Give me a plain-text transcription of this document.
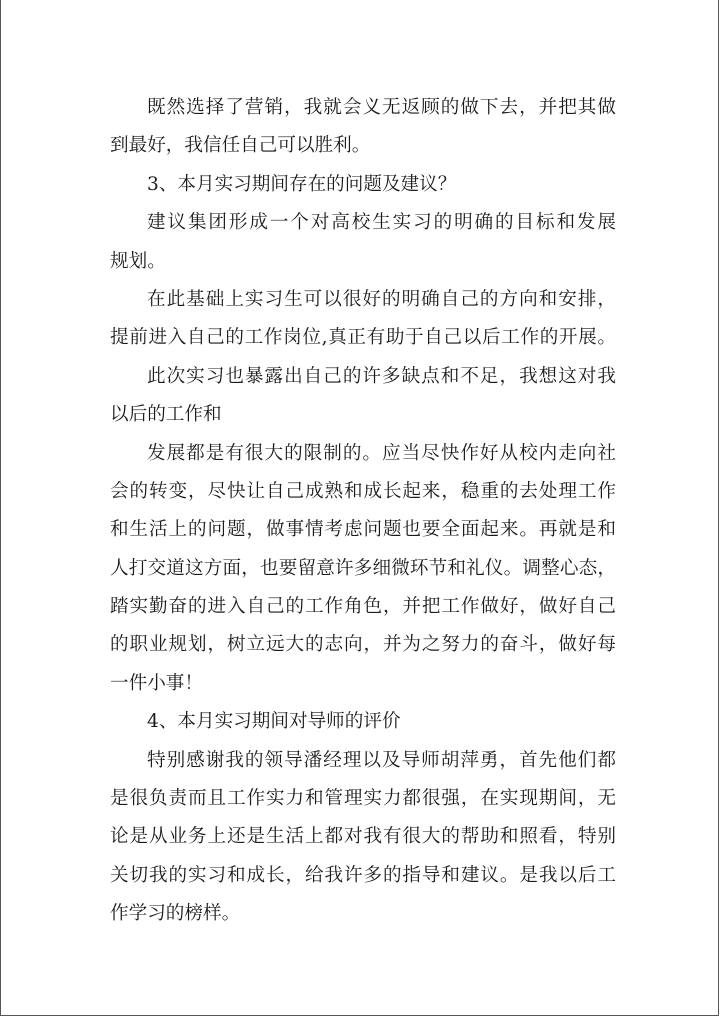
既然选择了营销，我就会义无返顾的做下去，并把其做
到最好，我信任自己可以胜利。
3、本月实习期间存在的问题及建议？
建议集团形成一个对高校生实习的明确的目标和发展
规划。
在此基础上实习生可以很好的明确自己的方向和安排，
提前进入自己的工作岗位,真正有助于自己以后工作的开展。
此次实习也暴露出自己的许多缺点和不足，我想这对我
以后的工作和
发展都是有很大的限制的。应当尽快作好从校内走向社
会的转变，尽快让自己成熟和成长起来，稳重的去处理工作
和生活上的问题，做事情考虑问题也要全面起来。再就是和
人打交道这方面，也要留意许多细微环节和礼仪。调整心态，
踏实勤奋的进入自己的工作角色，并把工作做好，做好自己
的职业规划，树立远大的志向，并为之努力的奋斗，做好每
一件小事！
4、本月实习期间对导师的评价
特别感谢我的领导潘经理以及导师胡萍勇，首先他们都
是很负责而且工作实力和管理实力都很强，在实现期间，无
论是从业务上还是生活上都对我有很大的帮助和照看，特别
关切我的实习和成长，给我许多的指导和建议。是我以后工
作学习的榜样。
